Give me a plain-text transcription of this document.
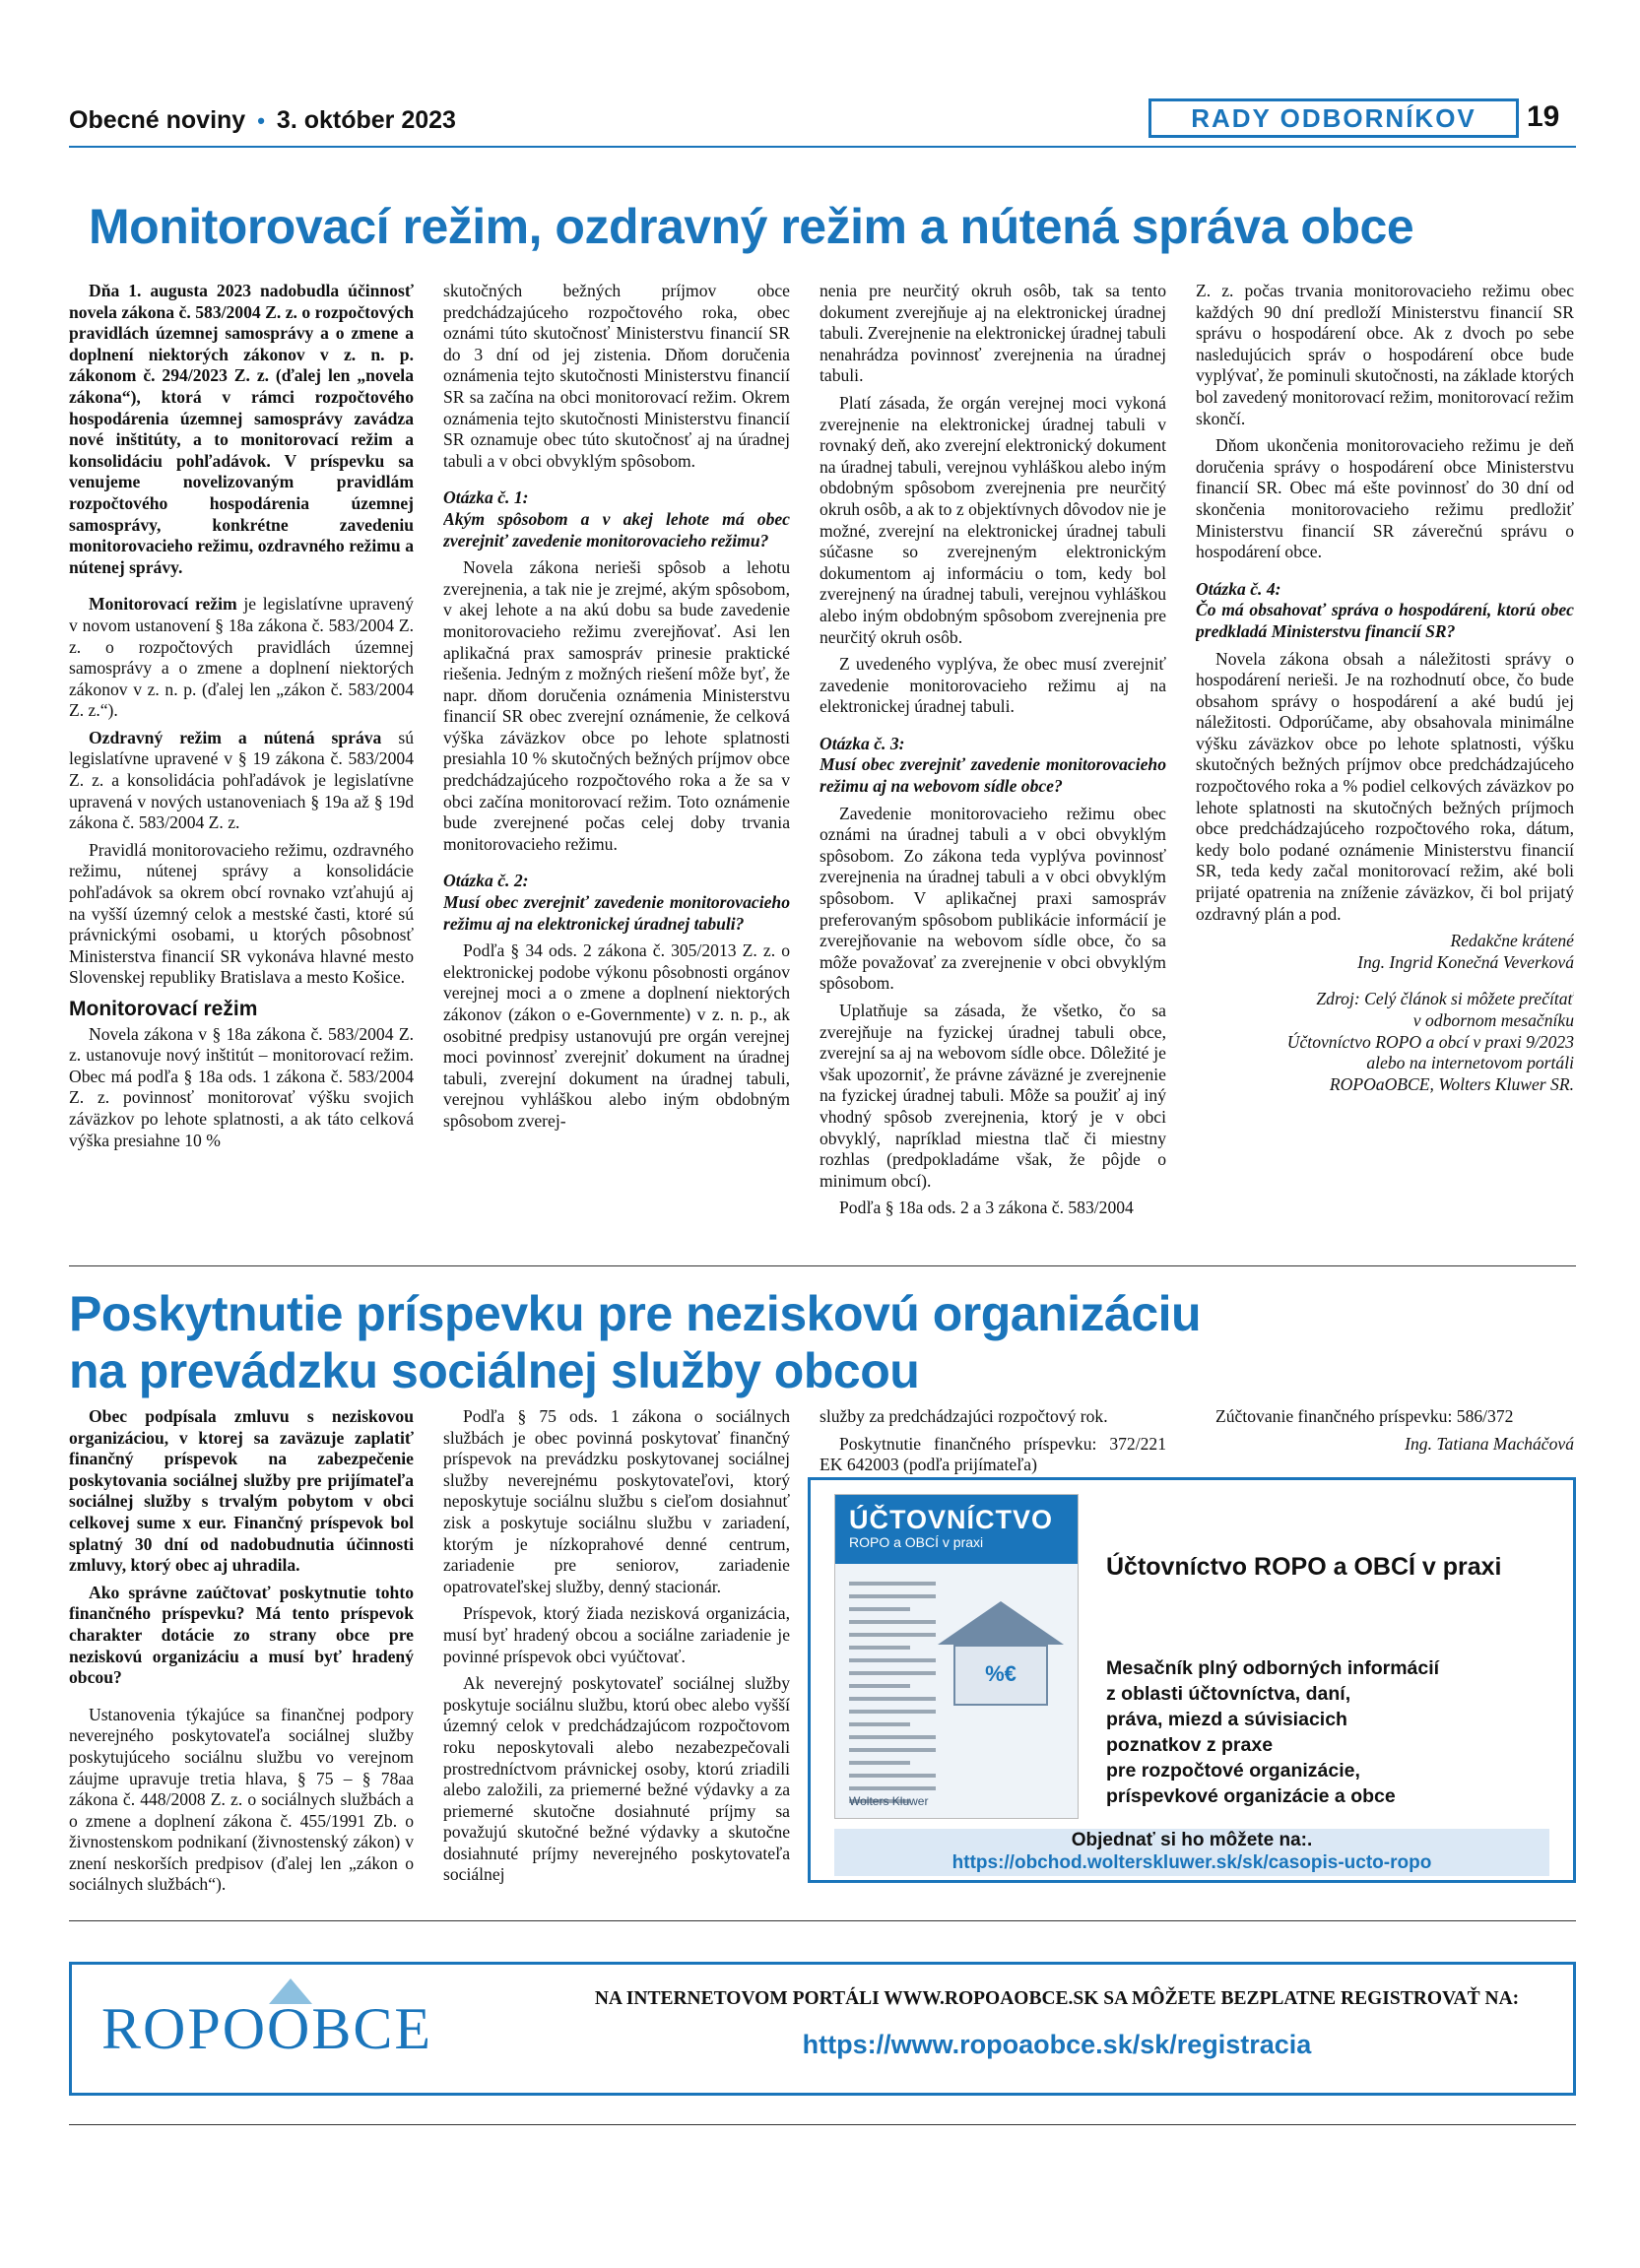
Obecné noviny • 3. október 2023	RADY ODBORNÍKOV	19
Monitorovací režim, ozdravný režim a nútená správa obce

Dňa 1. augusta 2023 nadobudla účinnosť novela zákona č. 583/2004 Z. z. o rozpočtových pravidlách územnej samosprávy a o zmene a doplnení niektorých zákonov v z. n. p. zákonom č. 294/2023 Z. z. (ďalej len „novela zákona“), ktorá v rámci rozpočtového hospodárenia územnej samosprávy zavádza nové inštitúty, a to monitorovací režim a konsolidáciu pohľadávok. V príspevku sa venujeme novelizovaným pravidlám rozpočtového hospodárenia územnej samosprávy, konkrétne zavedeniu monitorovacieho režimu, ozdravného režimu a nútenej správy.

Monitorovací režim je legislatívne upravený v novom ustanovení § 18a zákona č. 583/2004 Z. z. o rozpočtových pravidlách územnej samosprávy a o zmene a doplnení niektorých zákonov v z. n. p. (ďalej len „zákon č. 583/2004 Z. z.“).

Ozdravný režim a nútená správa sú legislatívne upravené v § 19 zákona č. 583/2004 Z. z. a konsolidácia pohľadávok je legislatívne upravená v nových ustanoveniach § 19a až § 19d zákona č. 583/2004 Z. z.

Pravidlá monitorovacieho režimu, ozdravného režimu, nútenej správy a konsolidácie pohľadávok sa okrem obcí rovnako vzťahujú aj na vyšší územný celok a mestské časti, ktoré sú právnickými osobami, u ktorých pôsobnosť Ministerstva financií SR vykonáva hlavné mesto Slovenskej republiky Bratislava a mesto Košice.

Monitorovací režim

Novela zákona v § 18a zákona č. 583/2004 Z. z. ustanovuje nový inštitút – monitorovací režim. Obec má podľa § 18a ods. 1 zákona č. 583/2004 Z. z. povinnosť monitorovať výšku svojich záväzkov po lehote splatnosti, a ak táto celková výška presiahne 10 %

skutočných bežných príjmov obce predchádzajúceho rozpočtového roka, obec oznámi túto skutočnosť Ministerstvu financií SR do 3 dní od jej zistenia. Dňom doručenia oznámenia tejto skutočnosti Ministerstvu financií SR sa začína na obci monitorovací režim. Okrem oznámenia tejto skutočnosti Ministerstvu financií SR oznamuje obec túto skutočnosť aj na úradnej tabuli a v obci obvyklým spôsobom.

Otázka č. 1:
Akým spôsobom a v akej lehote má obec zverejniť zavedenie monitorovacieho režimu?

Novela zákona nerieši spôsob a lehotu zverejnenia, a tak nie je zrejmé, akým spôsobom, v akej lehote a na akú dobu sa bude zavedenie monitorovacieho režimu zverejňovať. Asi len aplikačná prax samospráv prinesie praktické riešenia. Jedným z možných riešení môže byť, že napr. dňom doručenia oznámenia Ministerstvu financií SR obec zverejní oznámenie, že celková výška záväzkov obce po lehote splatnosti presiahla 10 % skutočných bežných príjmov obce predchádzajúceho rozpočtového roka a že sa v obci začína monitorovací režim. Toto oznámenie bude zverejnené počas celej doby trvania monitorovacieho režimu.

Otázka č. 2:
Musí obec zverejniť zavedenie monitorovacieho režimu aj na elektronickej úradnej tabuli?

Podľa § 34 ods. 2 zákona č. 305/2013 Z. z. o elektronickej podobe výkonu pôsobnosti orgánov verejnej moci a o zmene a doplnení niektorých zákonov (zákon o e-Governmente) v z. n. p., ak osobitné predpisy ustanovujú pre orgán verejnej moci povinnosť zverejniť dokument na úradnej tabuli, zverejní dokument na úradnej tabuli, verejnou vyhláškou alebo iným obdobným spôsobom zverej-

nenia pre neurčitý okruh osôb, tak sa tento dokument zverejňuje aj na elektronickej úradnej tabuli. Zverejnenie na elektronickej úradnej tabuli nenahrádza povinnosť zverejnenia na úradnej tabuli.

Platí zásada, že orgán verejnej moci vykoná zverejnenie na elektronickej úradnej tabuli v rovnaký deň, ako zverejní elektronický dokument na úradnej tabuli, verejnou vyhláškou alebo iným obdobným spôsobom zverejnenia pre neurčitý okruh osôb, a ak to z objektívnych dôvodov nie je možné, zverejní na elektronickej úradnej tabuli súčasne so zverejneným elektronickým dokumentom aj informáciu o tom, kedy bol zverejnený na úradnej tabuli, verejnou vyhláškou alebo iným obdobným spôsobom zverejnenia pre neurčitý okruh osôb.

Z uvedeného vyplýva, že obec musí zverejniť zavedenie monitorovacieho režimu aj na elektronickej úradnej tabuli.

Otázka č. 3:
Musí obec zverejniť zavedenie monitorovacieho režimu aj na webovom sídle obce?

Zavedenie monitorovacieho režimu obec oznámi na úradnej tabuli a v obci obvyklým spôsobom. Zo zákona teda vyplýva povinnosť zverejnenia na úradnej tabuli a v obci obvyklým spôsobom. V aplikačnej praxi samospráv preferovaným spôsobom publikácie informácií je zverejňovanie na webovom sídle obce, čo sa môže považovať za zverejnenie v obci obvyklým spôsobom.

Uplatňuje sa zásada, že všetko, čo sa zverejňuje na fyzickej úradnej tabuli obce, zverejní sa aj na webovom sídle obce. Dôležité je však upozorniť, že právne záväzné je zverejnenie na fyzickej úradnej tabuli. Môže sa použiť aj iný vhodný spôsob zverejnenia, ktorý je v obci obvyklý, napríklad miestna tlač či miestny rozhlas (predpokladáme však, že pôjde o minimum obcí).

Podľa § 18a ods. 2 a 3 zákona č. 583/2004

Z. z. počas trvania monitorovacieho režimu obec každých 90 dní predloží Ministerstvu financií SR správu o hospodárení obce. Ak z dvoch po sebe nasledujúcich správ o hospodárení obce bude vyplývať, že pominuli skutočnosti, na základe ktorých bol zavedený monitorovací režim, monitorovací režim skončí.

Dňom ukončenia monitorovacieho režimu je deň doručenia správy o hospodárení obce Ministerstvu financií SR. Obec má ešte povinnosť do 30 dní od skončenia monitorovacieho režimu predložiť Ministerstvu financií SR záverečnú správu o hospodárení obce.

Otázka č. 4:
Čo má obsahovať správa o hospodárení, ktorú obec predkladá Ministerstvu financií SR?

Novela zákona obsah a náležitosti správy o hospodárení nerieši. Je na rozhodnutí obce, čo bude obsahom správy o hospodárení a aké budú jej náležitosti. Odporúčame, aby obsahovala minimálne výšku záväzkov obce po lehote splatnosti, výšku skutočných bežných príjmov obce predchádzajúceho rozpočtového roka a % podiel celkových záväzkov po lehote splatnosti na skutočných bežných príjmoch obce predchádzajúceho rozpočtového roka, dátum, kedy bolo podané oznámenie Ministerstvu financií SR, teda kedy začal monitorovací režim, aké boli prijaté opatrenia na zníženie záväzkov, či bol prijatý ozdravný plán a pod.

Redakčne krátené

Ing. Ingrid Konečná Veverková

Zdroj: Celý článok si môžete prečítať
v odbornom mesačníku
Účtovníctvo ROPO a obcí v praxi 9/2023
alebo na internetovom portáli
ROPOaOBCE, Wolters Kluwer SR.

Poskytnutie príspevku pre neziskovú organizáciu
na prevádzku sociálnej služby obcou

Obec podpísala zmluvu s neziskovou organizáciou, v ktorej sa zaväzuje zaplatiť finančný príspevok na zabezpečenie poskytovania sociálnej služby pre prijímateľa sociálnej služby s trvalým pobytom v obci celkovej sume x eur. Finančný príspevok bol splatný 30 dní od nadobudnutia účinnosti zmluvy, ktorý obec aj uhradila.

Ako správne zaúčtovať poskytnutie tohto finančného príspevku? Má tento príspevok charakter dotácie zo strany obce pre neziskovú organizáciu a musí byť hradený obcou?

Ustanovenia týkajúce sa finančnej podpory neverejného poskytovateľa sociálnej služby poskytujúceho sociálnu službu vo verejnom záujme upravuje tretia hlava, § 75 – § 78aa zákona č. 448/2008 Z. z. o sociálnych službách a o zmene a doplnení zákona č. 455/1991 Zb. o živnostenskom podnikaní (živnostenský zákon) v znení neskorších predpisov (ďalej len „zákon o sociálnych službách“).

Podľa § 75 ods. 1 zákona o sociálnych službách je obec povinná poskytovať finančný príspevok na prevádzku poskytovanej sociálnej služby neverejnému poskytovateľovi, ktorý neposkytuje sociálnu službu s cieľom dosiahnuť zisk a poskytuje sociálnu službu v zariadení, ktorým je nízkoprahové denné centrum, zariadenie pre seniorov, zariadenie opatrovateľskej služby, denný stacionár.

Príspevok, ktorý žiada nezisková organizácia, musí byť hradený obcou a sociálne zariadenie je povinné príspevok obci vyúčtovať.

Ak neverejný poskytovateľ sociálnej služby poskytuje sociálnu službu, ktorú obec alebo vyšší územný celok v predchádzajúcom rozpočtovom roku neposkytovali alebo nezabezpečovali prostredníctvom právnickej osoby, ktorú zriadili alebo založili, za priemerné bežné výdavky a za priemerné skutočne dosiahnuté príjmy sa považujú skutočné bežné výdavky a skutočne dosiahnuté príjmy neverejného poskytovateľa sociálnej

služby za predchádzajúci rozpočtový rok.

Poskytnutie finančného príspevku: 372/221 EK 642003 (podľa prijímateľa)

Zúčtovanie finančného príspevku: 586/372

Ing. Tatiana Macháčová

ÚČTOVNÍCTVO
ROPO a OBCÍ v praxi
%€
Wolters Kluwer
Účtovníctvo ROPO a OBCÍ v praxi
Mesačník plný odborných informácií
z oblasti účtovníctva, daní,
práva, miezd a súvisiacich
poznatkov z praxe
pre rozpočtové organizácie,
príspevkové organizácie a obce
Objednať si ho môžete na:.
https://obchod.wolterskluwer.sk/sk/casopis-ucto-ropo
ROPOOBCE	NA INTERNETOVOM PORTÁLI WWW.ROPOAOBCE.SK SA MÔŽETE BEZPLATNE REGISTROVAŤ NA:
https://www.ropoaobce.sk/sk/registracia
